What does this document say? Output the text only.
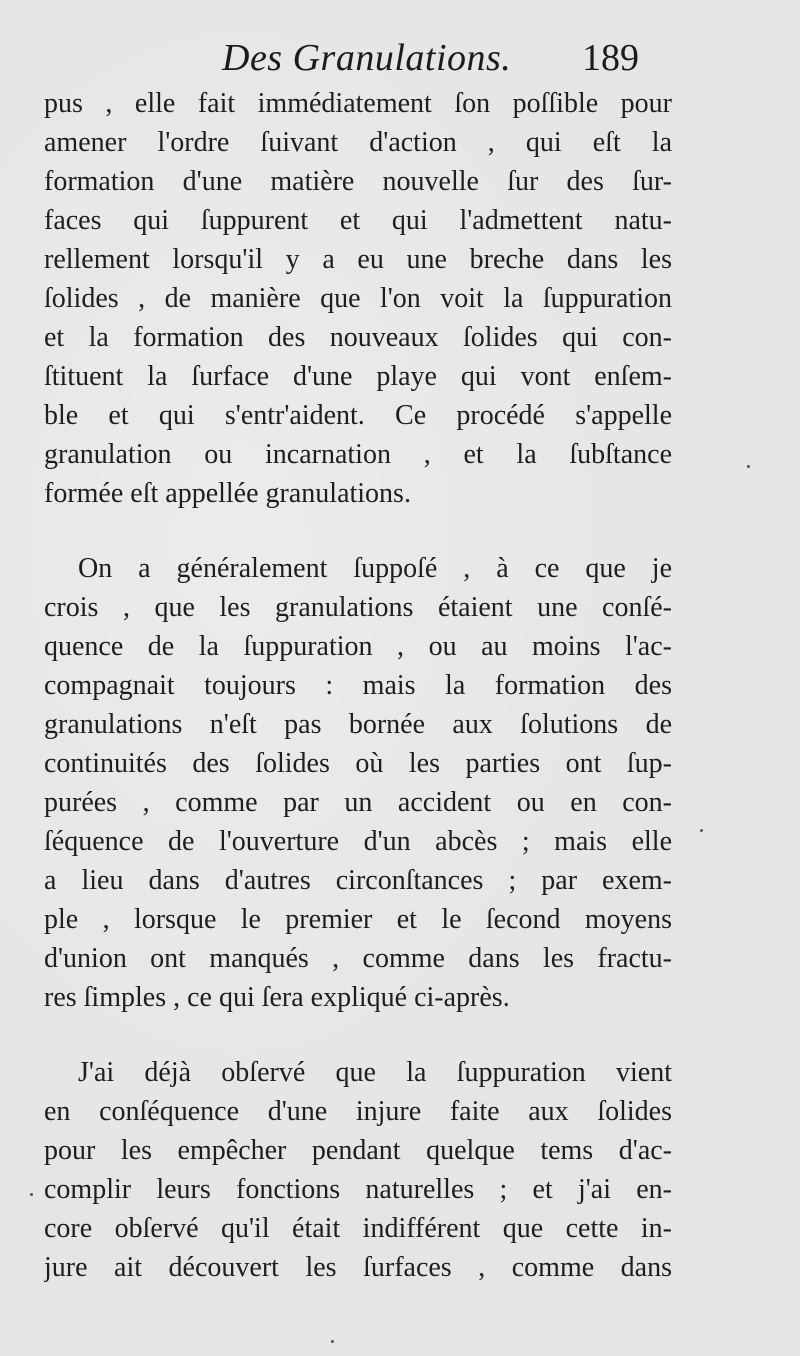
Des Granulations. 189
pus , elle fait immédiatement ſon poſſible pour
amener l'ordre ſuivant d'action , qui eſt la
formation d'une matière nouvelle ſur des ſur-
faces qui ſuppurent et qui l'admettent natu-
rellement lorsqu'il y a eu une breche dans les
ſolides , de manière que l'on voit la ſuppuration
et la formation des nouveaux ſolides qui con-
ſtituent la ſurface d'une playe qui vont enſem-
ble et qui s'entr'aident. Ce procédé s'appelle
granulation ou incarnation , et la ſubſtance
formée eſt appellée granulations.
On a généralement ſuppoſé , à ce que je
crois , que les granulations étaient une conſé-
quence de la ſuppuration , ou au moins l'ac-
compagnait toujours : mais la formation des
granulations n'eſt pas bornée aux ſolutions de
continuités des ſolides où les parties ont ſup-
purées , comme par un accident ou en con-
ſéquence de l'ouverture d'un abcès ; mais elle
a lieu dans d'autres circonſtances ; par exem-
ple , lorsque le premier et le ſecond moyens
d'union ont manqués , comme dans les fractu-
res ſimples , ce qui ſera expliqué ci-après.
J'ai déjà obſervé que la ſuppuration vient
en conſéquence d'une injure faite aux ſolides
pour les empêcher pendant quelque tems d'ac-
complir leurs fonctions naturelles ; et j'ai en-
core obſervé qu'il était indifférent que cette in-
jure ait découvert les ſurfaces , comme dans
